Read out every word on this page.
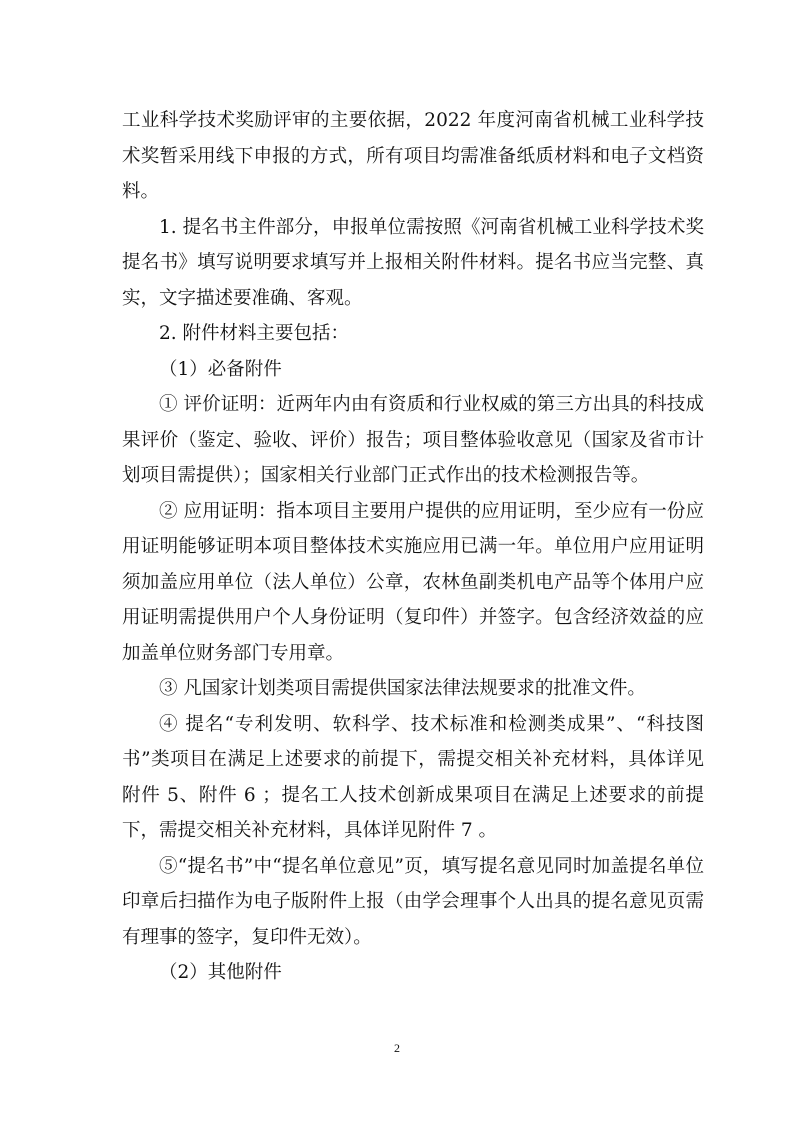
工业科学技术奖励评审的主要依据，2022 年度河南省机械工业科学技术奖暂采用线下申报的方式，所有项目均需准备纸质材料和电子文档资料。

1. 提名书主件部分，申报单位需按照《河南省机械工业科学技术奖提名书》填写说明要求填写并上报相关附件材料。提名书应当完整、真实，文字描述要准确、客观。

2. 附件材料主要包括：

（1）必备附件

① 评价证明：近两年内由有资质和行业权威的第三方出具的科技成果评价（鉴定、验收、评价）报告；项目整体验收意见（国家及省市计划项目需提供）；国家相关行业部门正式作出的技术检测报告等。

② 应用证明：指本项目主要用户提供的应用证明，至少应有一份应用证明能够证明本项目整体技术实施应用已满一年。单位用户应用证明须加盖应用单位（法人单位）公章，农林鱼副类机电产品等个体用户应用证明需提供用户个人身份证明（复印件）并签字。包含经济效益的应加盖单位财务部门专用章。

③ 凡国家计划类项目需提供国家法律法规要求的批准文件。

④ 提名“专利发明、软科学、技术标准和检测类成果”、“科技图书”类项目在满足上述要求的前提下，需提交相关补充材料，具体详见附件 5、附件 6 ；提名工人技术创新成果项目在满足上述要求的前提下，需提交相关补充材料，具体详见附件 7 。

⑤“提名书”中“提名单位意见”页，填写提名意见同时加盖提名单位印章后扫描作为电子版附件上报（由学会理事个人出具的提名意见页需有理事的签字，复印件无效）。

（2）其他附件

2
